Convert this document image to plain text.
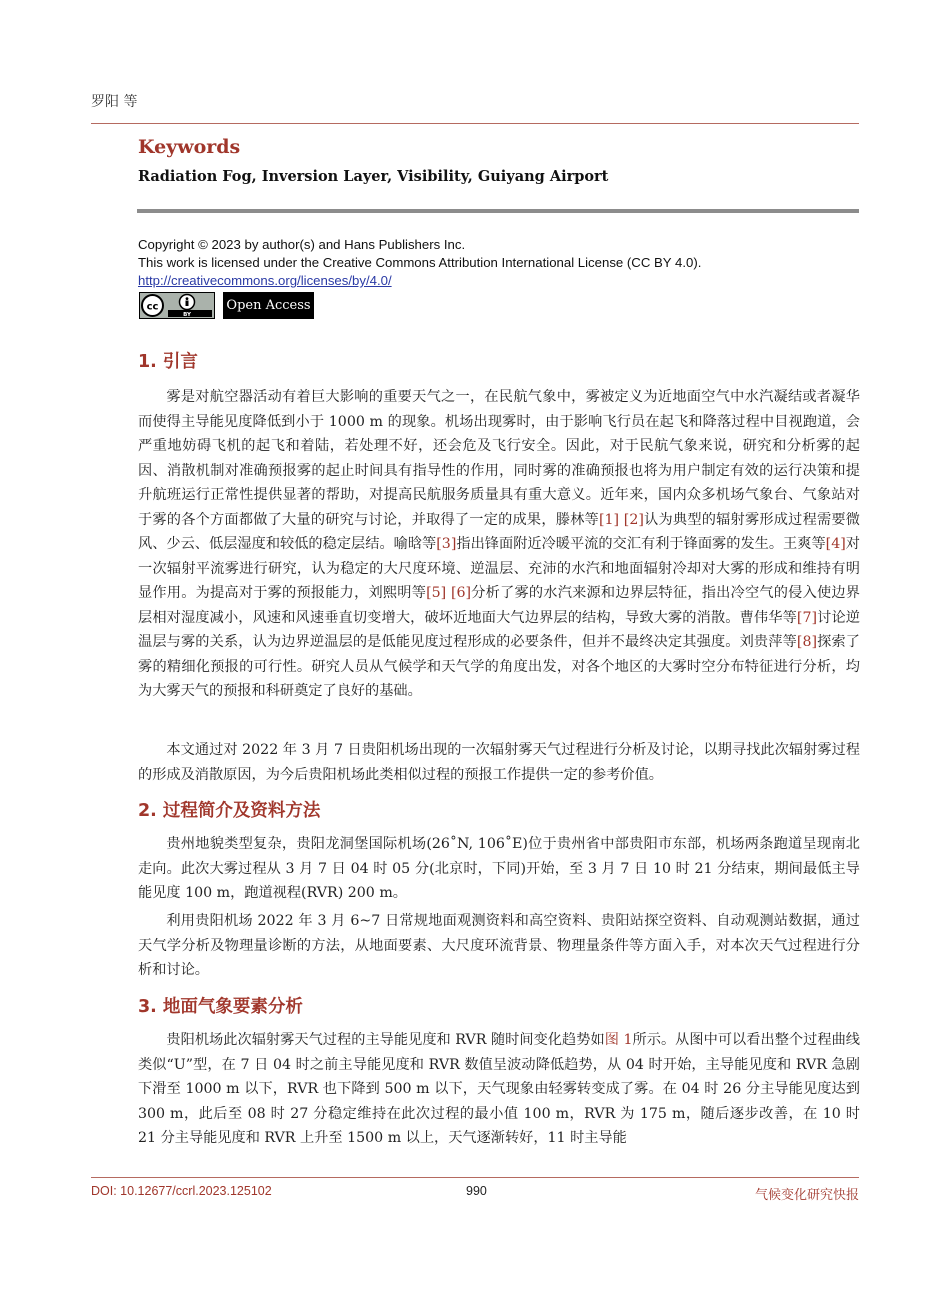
罗阳 等
Keywords
Radiation Fog, Inversion Layer, Visibility, Guiyang Airport
Copyright © 2023 by author(s) and Hans Publishers Inc.
This work is licensed under the Creative Commons Attribution International License (CC BY 4.0).
http://creativecommons.org/licenses/by/4.0/
cc
BY
Open Access
1. 引言

雾是对航空器活动有着巨大影响的重要天气之一，在民航气象中，雾被定义为近地面空气中水汽凝结或者凝华而使得主导能见度降低到小于 1000 m 的现象。机场出现雾时，由于影响飞行员在起飞和降落过程中目视跑道，会严重地妨碍飞机的起飞和着陆，若处理不好，还会危及飞行安全。因此，对于民航气象来说，研究和分析雾的起因、消散机制对准确预报雾的起止时间具有指导性的作用，同时雾的准确预报也将为用户制定有效的运行决策和提升航班运行正常性提供显著的帮助，对提高民航服务质量具有重大意义。近年来，国内众多机场气象台、气象站对于雾的各个方面都做了大量的研究与讨论，并取得了一定的成果，滕林等[1] [2]认为典型的辐射雾形成过程需要微风、少云、低层湿度和较低的稳定层结。喻晗等[3]指出锋面附近冷暖平流的交汇有利于锋面雾的发生。王爽等[4]对一次辐射平流雾进行研究，认为稳定的大尺度环境、逆温层、充沛的水汽和地面辐射冷却对大雾的形成和维持有明显作用。为提高对于雾的预报能力，刘熙明等[5] [6]分析了雾的水汽来源和边界层特征，指出冷空气的侵入使边界层相对湿度减小，风速和风速垂直切变增大，破坏近地面大气边界层的结构，导致大雾的消散。曹伟华等[7]讨论逆温层与雾的关系，认为边界逆温层的是低能见度过程形成的必要条件，但并不最终决定其强度。刘贵萍等[8]探索了雾的精细化预报的可行性。研究人员从气候学和天气学的角度出发，对各个地区的大雾时空分布特征进行分析，均为大雾天气的预报和科研奠定了良好的基础。

本文通过对 2022 年 3 月 7 日贵阳机场出现的一次辐射雾天气过程进行分析及讨论，以期寻找此次辐射雾过程的形成及消散原因，为今后贵阳机场此类相似过程的预报工作提供一定的参考价值。

2. 过程简介及资料方法

贵州地貌类型复杂，贵阳龙洞堡国际机场(26˚N, 106˚E)位于贵州省中部贵阳市东部，机场两条跑道呈现南北走向。此次大雾过程从 3 月 7 日 04 时 05 分(北京时，下同)开始，至 3 月 7 日 10 时 21 分结束，期间最低主导能见度 100 m，跑道视程(RVR) 200 m。

利用贵阳机场 2022 年 3 月 6~7 日常规地面观测资料和高空资料、贵阳站探空资料、自动观测站数据，通过天气学分析及物理量诊断的方法，从地面要素、大尺度环流背景、物理量条件等方面入手，对本次天气过程进行分析和讨论。

3. 地面气象要素分析

贵阳机场此次辐射雾天气过程的主导能见度和 RVR 随时间变化趋势如图 1所示。从图中可以看出整个过程曲线类似“U”型，在 7 日 04 时之前主导能见度和 RVR 数值呈波动降低趋势，从 04 时开始，主导能见度和 RVR 急剧下滑至 1000 m 以下，RVR 也下降到 500 m 以下，天气现象由轻雾转变成了雾。在 04 时 26 分主导能见度达到 300 m，此后至 08 时 27 分稳定维持在此次过程的最小值 100 m，RVR 为 175 m，随后逐步改善，在 10 时 21 分主导能见度和 RVR 上升至 1500 m 以上，天气逐渐转好，11 时主导能

DOI: 10.12677/ccrl.2023.125102	990	气候变化研究快报
